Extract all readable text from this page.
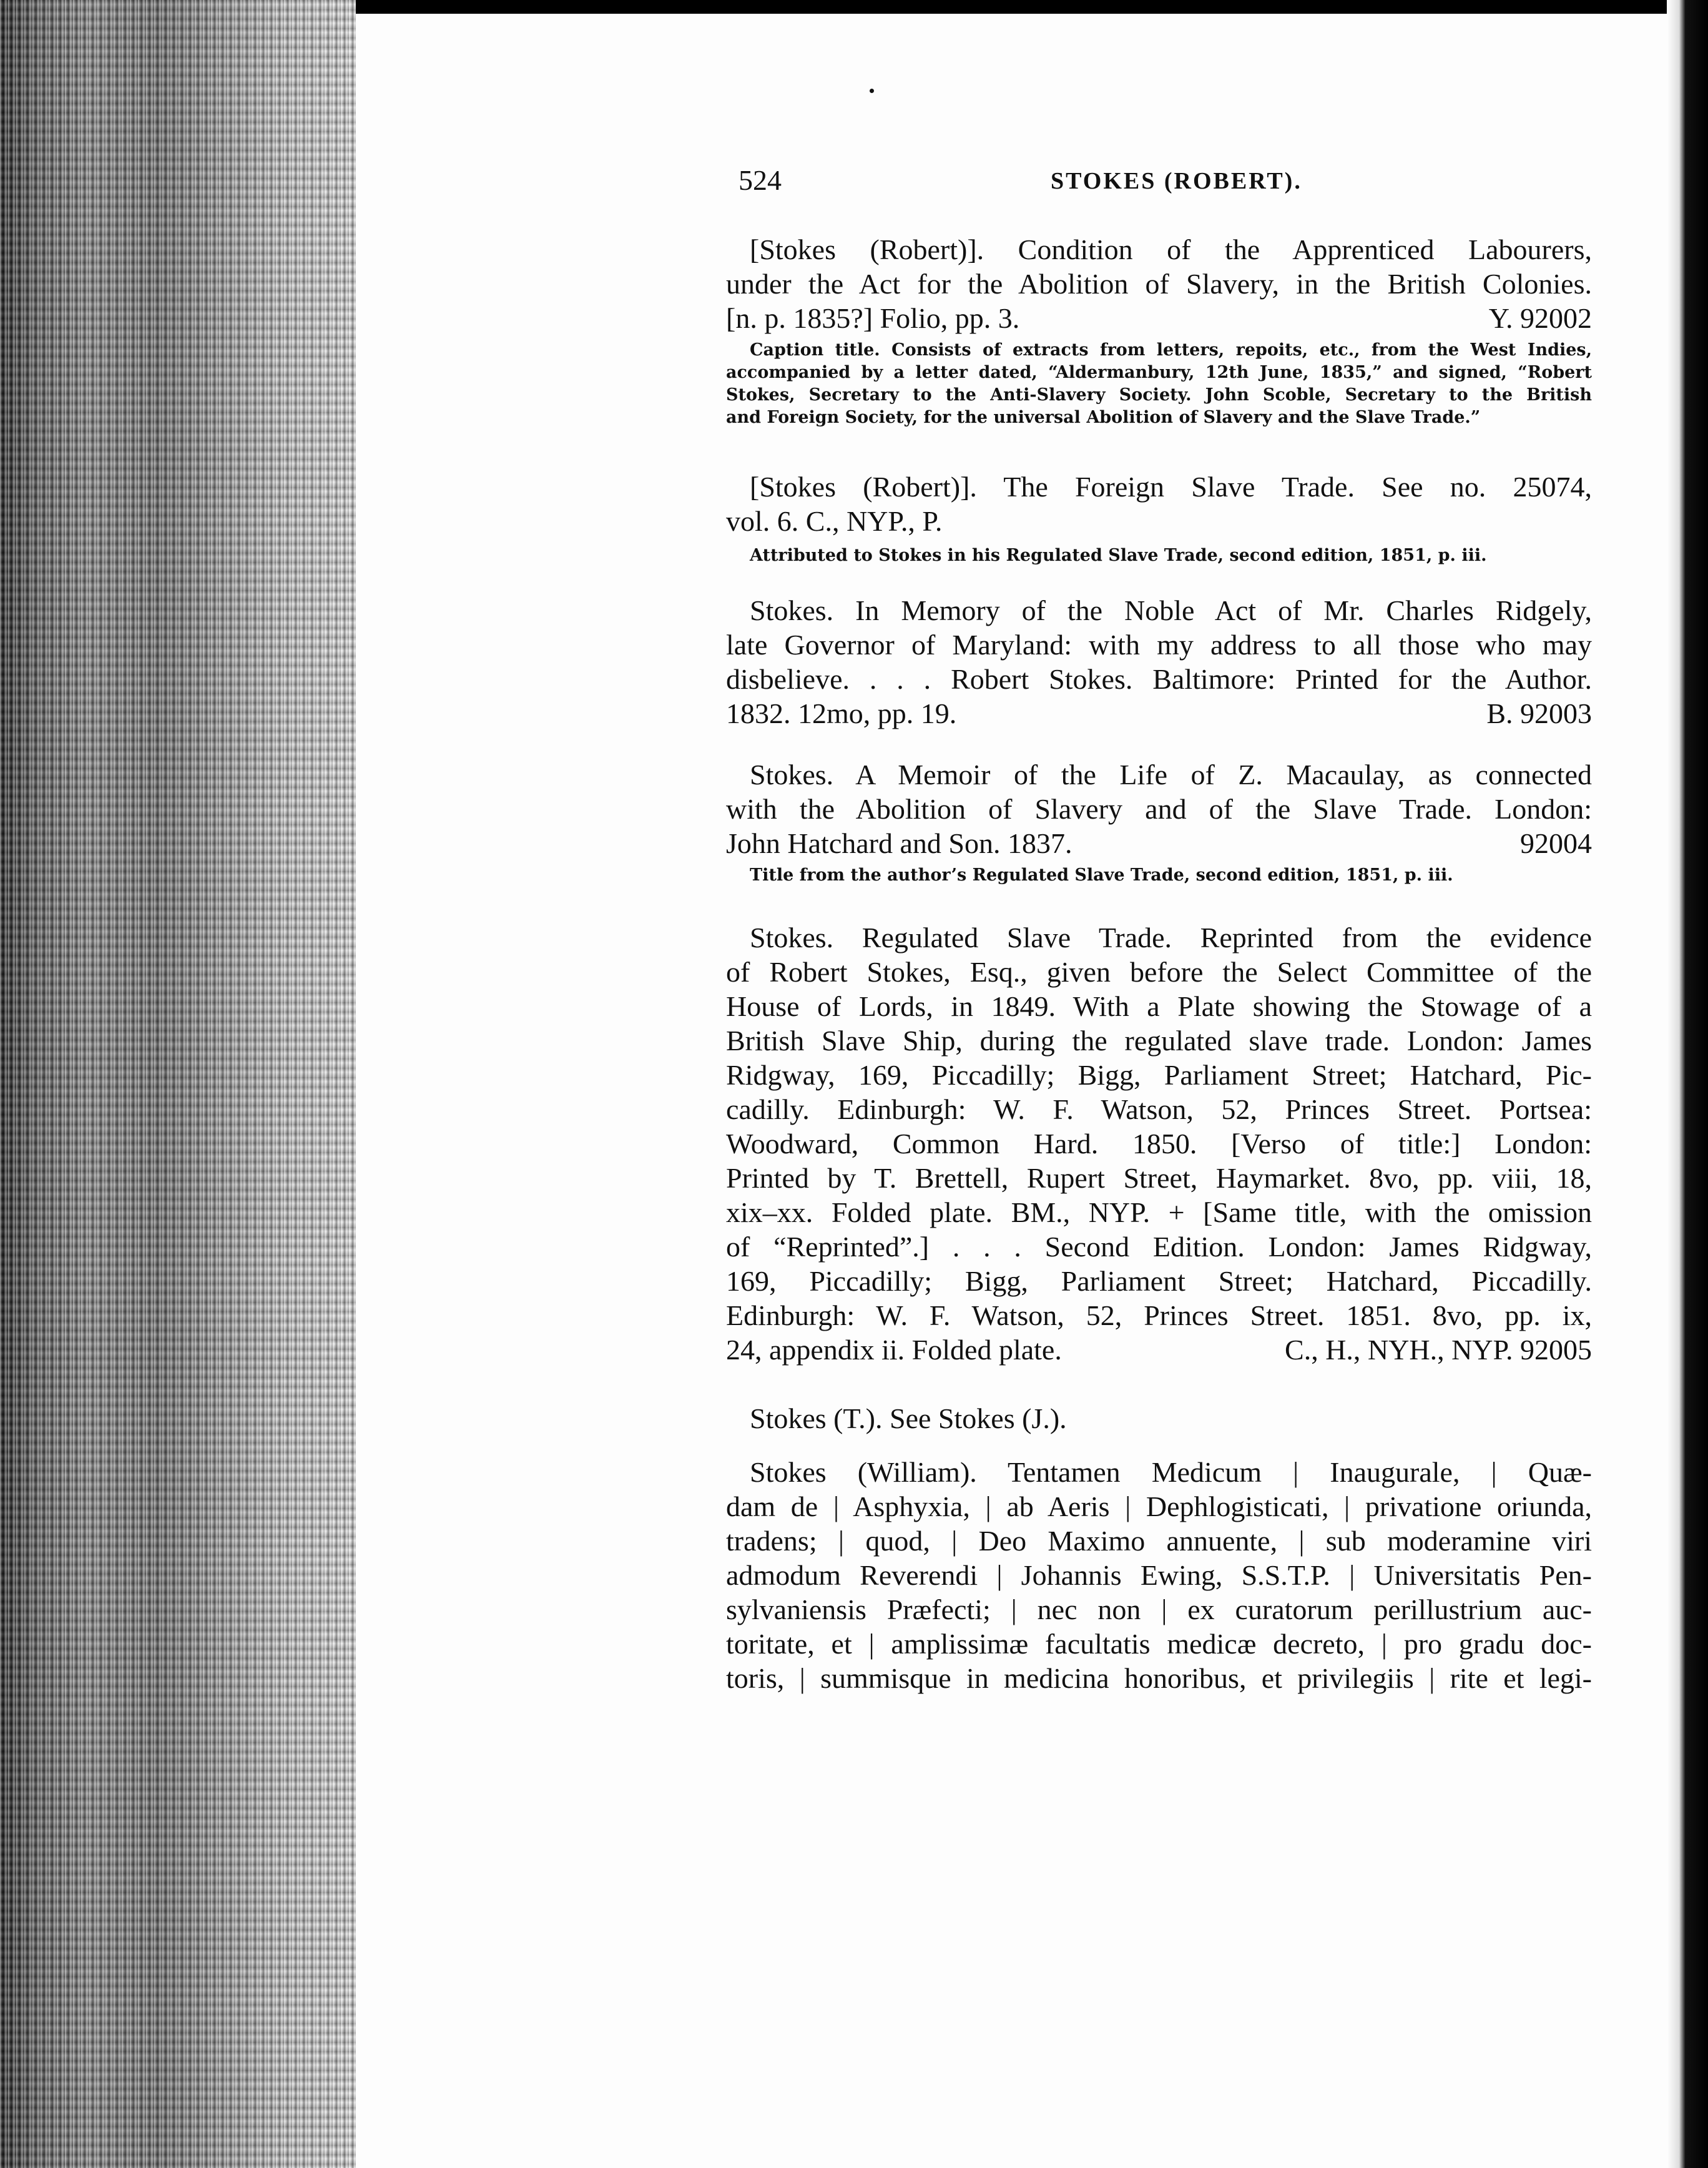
524	STOKES (ROBERT).
[Stokes (Robert)]. Condition of the Apprenticed Labourers,
under the Act for the Abolition of Slavery, in the British Colonies.
[n. p. 1835?] Folio, pp. 3.	Y. 92002
Caption title. Consists of extracts from letters, repoits, etc., from the West Indies,
accompanied by a letter dated, “Aldermanbury, 12th June, 1835,” and signed, “Robert
Stokes, Secretary to the Anti-Slavery Society. John Scoble, Secretary to the British
and Foreign Society, for the universal Abolition of Slavery and the Slave Trade.”
[Stokes (Robert)]. The Foreign Slave Trade. See no. 25074,
vol. 6. C., NYP., P.
Attributed to Stokes in his Regulated Slave Trade, second edition, 1851, p. iii.
Stokes. In Memory of the Noble Act of Mr. Charles Ridgely,
late Governor of Maryland: with my address to all those who may
disbelieve. . . . Robert Stokes. Baltimore: Printed for the Author.
1832. 12mo, pp. 19.	B. 92003
Stokes. A Memoir of the Life of Z. Macaulay, as connected
with the Abolition of Slavery and of the Slave Trade. London:
John Hatchard and Son. 1837.	92004
Title from the author’s Regulated Slave Trade, second edition, 1851, p. iii.
Stokes. Regulated Slave Trade. Reprinted from the evidence
of Robert Stokes, Esq., given before the Select Committee of the
House of Lords, in 1849. With a Plate showing the Stowage of a
British Slave Ship, during the regulated slave trade. London: James
Ridgway, 169, Piccadilly; Bigg, Parliament Street; Hatchard, Pic-
cadilly. Edinburgh: W. F. Watson, 52, Princes Street. Portsea:
Woodward, Common Hard. 1850. [Verso of title:] London:
Printed by T. Brettell, Rupert Street, Haymarket. 8vo, pp. viii, 18,
xix–xx. Folded plate. BM., NYP. + [Same title, with the omission
of “Reprinted”.] . . . Second Edition. London: James Ridgway,
169, Piccadilly; Bigg, Parliament Street; Hatchard, Piccadilly.
Edinburgh: W. F. Watson, 52, Princes Street. 1851. 8vo, pp. ix,
24, appendix ii. Folded plate.	C., H., NYH., NYP. 92005
Stokes (T.). See Stokes (J.).
Stokes (William). Tentamen Medicum | Inaugurale, | Quæ-
dam de | Asphyxia, | ab Aeris | Dephlogisticati, | privatione oriunda,
tradens; | quod, | Deo Maximo annuente, | sub moderamine viri
admodum Reverendi | Johannis Ewing, S.S.T.P. | Universitatis Pen-
sylvaniensis Præfecti; | nec non | ex curatorum perillustrium auc-
toritate, et | amplissimæ facultatis medicæ decreto, | pro gradu doc-
toris, | summisque in medicina honoribus, et privilegiis | rite et legi-
